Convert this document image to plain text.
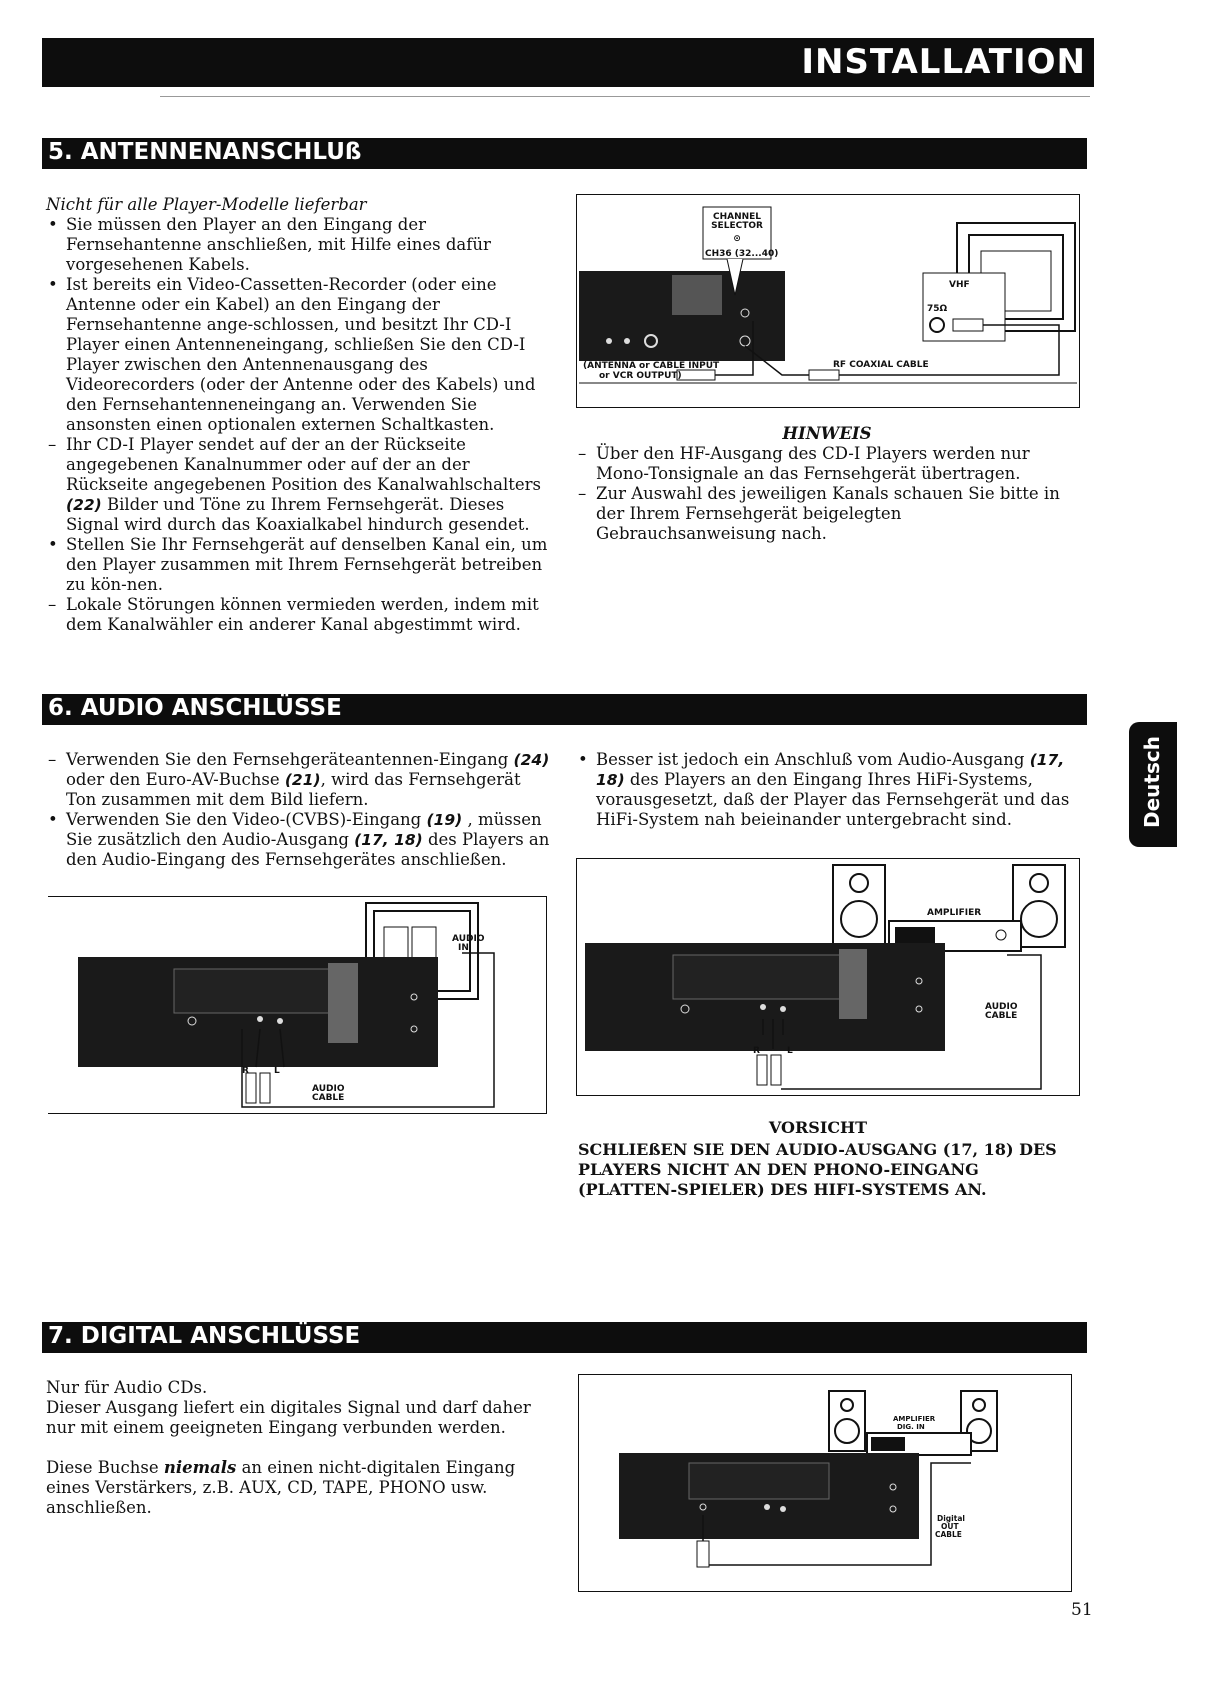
INSTALLATION
5. ANTENNENANSCHLUß
Nicht für alle Player-Modelle lieferbar
• Sie müssen den Player an den Eingang der Fernsehantenne anschließen, mit Hilfe eines dafür vorgesehenen Kabels.
• Ist bereits ein Video-Cassetten-Recorder (oder eine Antenne oder ein Kabel) an den Eingang der Fernsehantenne ange-schlossen, und besitzt Ihr CD-I Player einen Antenneneingang, schließen Sie den CD-I Player zwischen den Antennenausgang des Videorecorders (oder der Antenne oder des Kabels) und den Fernsehantenneneingang an. Verwenden Sie ansonsten einen optionalen externen Schaltkasten.
– Ihr CD-I Player sendet auf der an der Rückseite angegebenen Kanalnummer oder auf der an der Rückseite angegebenen Position des Kanalwahlschalters (22) Bilder und Töne zu Ihrem Fernsehgerät. Dieses Signal wird durch das Koaxialkabel hindurch gesendet.
• Stellen Sie Ihr Fernsehgerät auf denselben Kanal ein, um den Player zusammen mit Ihrem Fernsehgerät betreiben zu kön-nen.
– Lokale Störungen können vermieden werden, indem mit dem Kanalwähler ein anderer Kanal abgestimmt wird.
CHANNEL
SELECTOR
⊙
CH36 (32...40)
VHF
75Ω
(ANTENNA or CABLE INPUT
or VCR OUTPUT)
RF COAXIAL CABLE
HINWEIS
– Über den HF-Ausgang des CD-I Players werden nur Mono-Tonsignale an das Fernsehgerät übertragen.
– Zur Auswahl des jeweiligen Kanals schauen Sie bitte in der Ihrem Fernsehgerät beigelegten Gebrauchsanweisung nach.
6. AUDIO ANSCHLÜSSE
Deutsch
– Verwenden Sie den Fernsehgeräteantennen-Eingang (24) oder den Euro-AV-Buchse (21), wird das Fernsehgerät Ton zusammen mit dem Bild liefern.
• Verwenden Sie den Video-(CVBS)-Eingang (19) , müssen Sie zusätzlich den Audio-Ausgang (17, 18) des Players an den Audio-Eingang des Fernsehgerätes anschließen.
• Besser ist jedoch ein Anschluß vom Audio-Ausgang (17, 18) des Players an den Eingang Ihres HiFi-Systems, vorausgesetzt, daß der Player das Fernsehgerät und das HiFi-System nah beieinander untergebracht sind.
R	L
AUDIO
IN
AUDIO
CABLE
AMPLIFIER
R	L
AUDIO
CABLE
VORSICHT
SCHLIEßEN SIE DEN AUDIO-AUSGANG (17, 18) DES PLAYERS NICHT AN DEN PHONO-EINGANG (PLATTEN-SPIELER) DES HIFI-SYSTEMS AN.
7. DIGITAL ANSCHLÜSSE
Nur für Audio CDs.
Dieser Ausgang liefert ein digitales Signal und darf daher nur mit einem geeigneten Eingang verbunden werden.
Diese Buchse niemals an einen nicht-digitalen Eingang eines Verstärkers, z.B. AUX, CD, TAPE, PHONO usw. anschließen.
AMPLIFIER
DIG. IN
Digital
OUT
CABLE
51
